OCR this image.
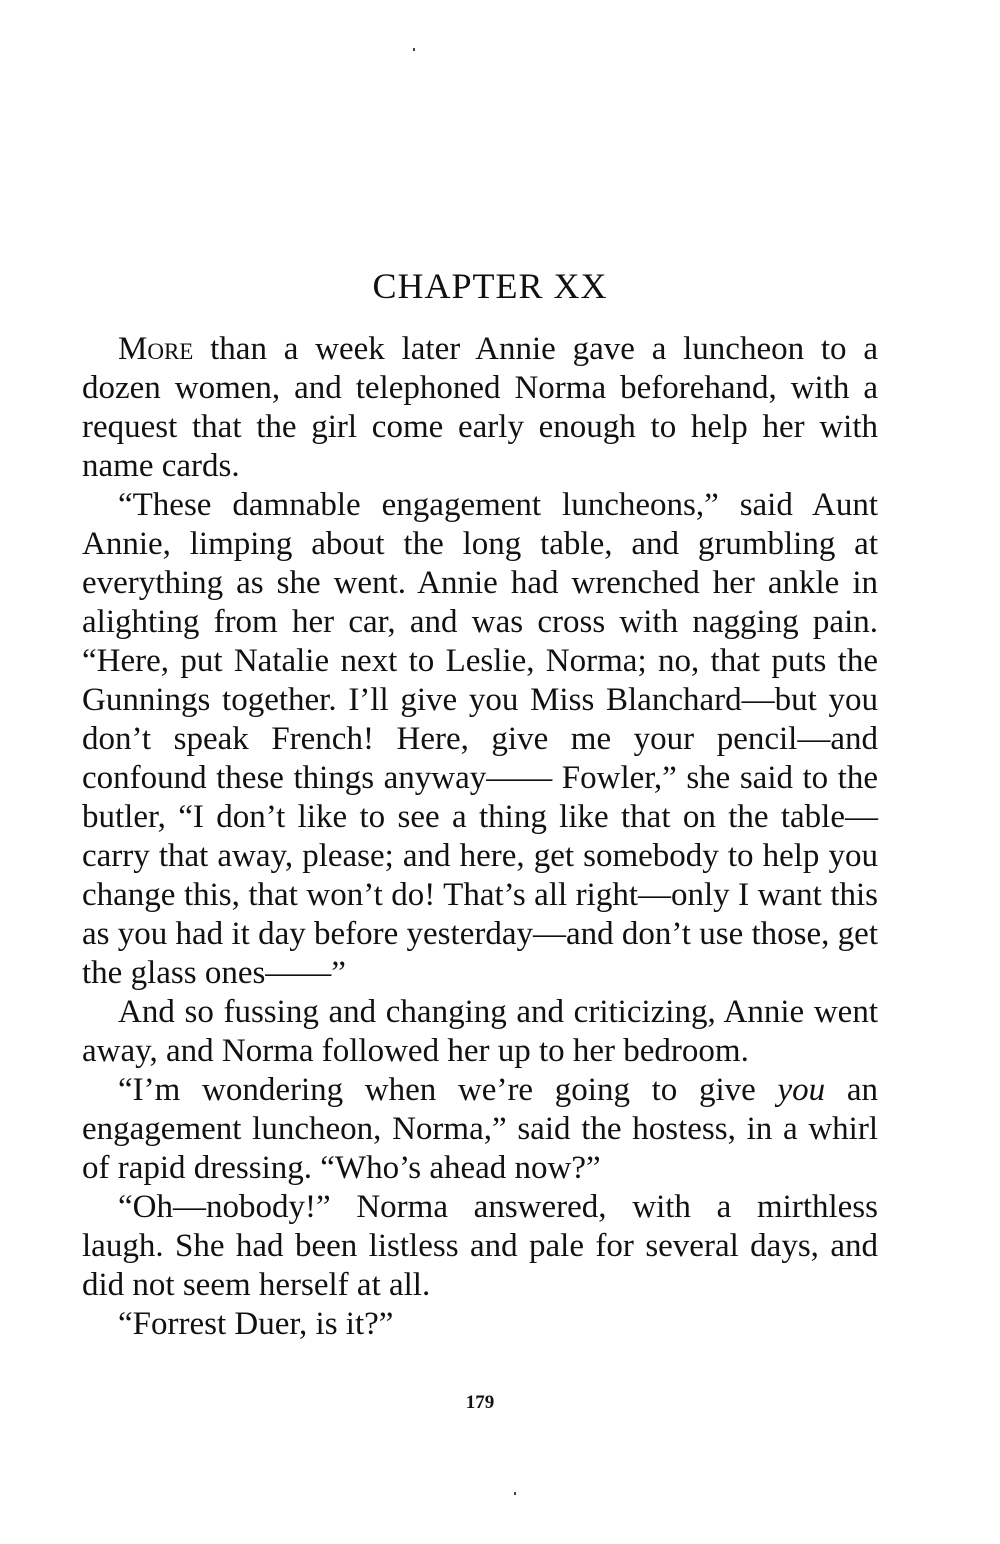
CHAPTER XX

More than a week later Annie gave a luncheon to a dozen women, and telephoned Norma beforehand, with a request that the girl come early enough to help her with name cards.

“These damnable engagement luncheons,” said Aunt Annie, limping about the long table, and grumbling at everything as she went. Annie had wrenched her ankle in alighting from her car, and was cross with nagging pain. “Here, put Natalie next to Leslie, Norma; no, that puts the Gunnings together. I’ll give you Miss Blanchard—but you don’t speak French! Here, give me your pencil—and confound these things anyway—— Fowler,” she said to the butler, “I don’t like to see a thing like that on the table—carry that away, please; and here, get somebody to help you change this, that won’t do! That’s all right—only I want this as you had it day before yesterday—and don’t use those, get the glass ones——”

And so fussing and changing and criticizing, Annie went away, and Norma followed her up to her bedroom.

“I’m wondering when we’re going to give you an engagement luncheon, Norma,” said the hostess, in a whirl of rapid dressing. “Who’s ahead now?”

“Oh—nobody!” Norma answered, with a mirthless laugh. She had been listless and pale for several days, and did not seem herself at all.

“Forrest Duer, is it?”

179
